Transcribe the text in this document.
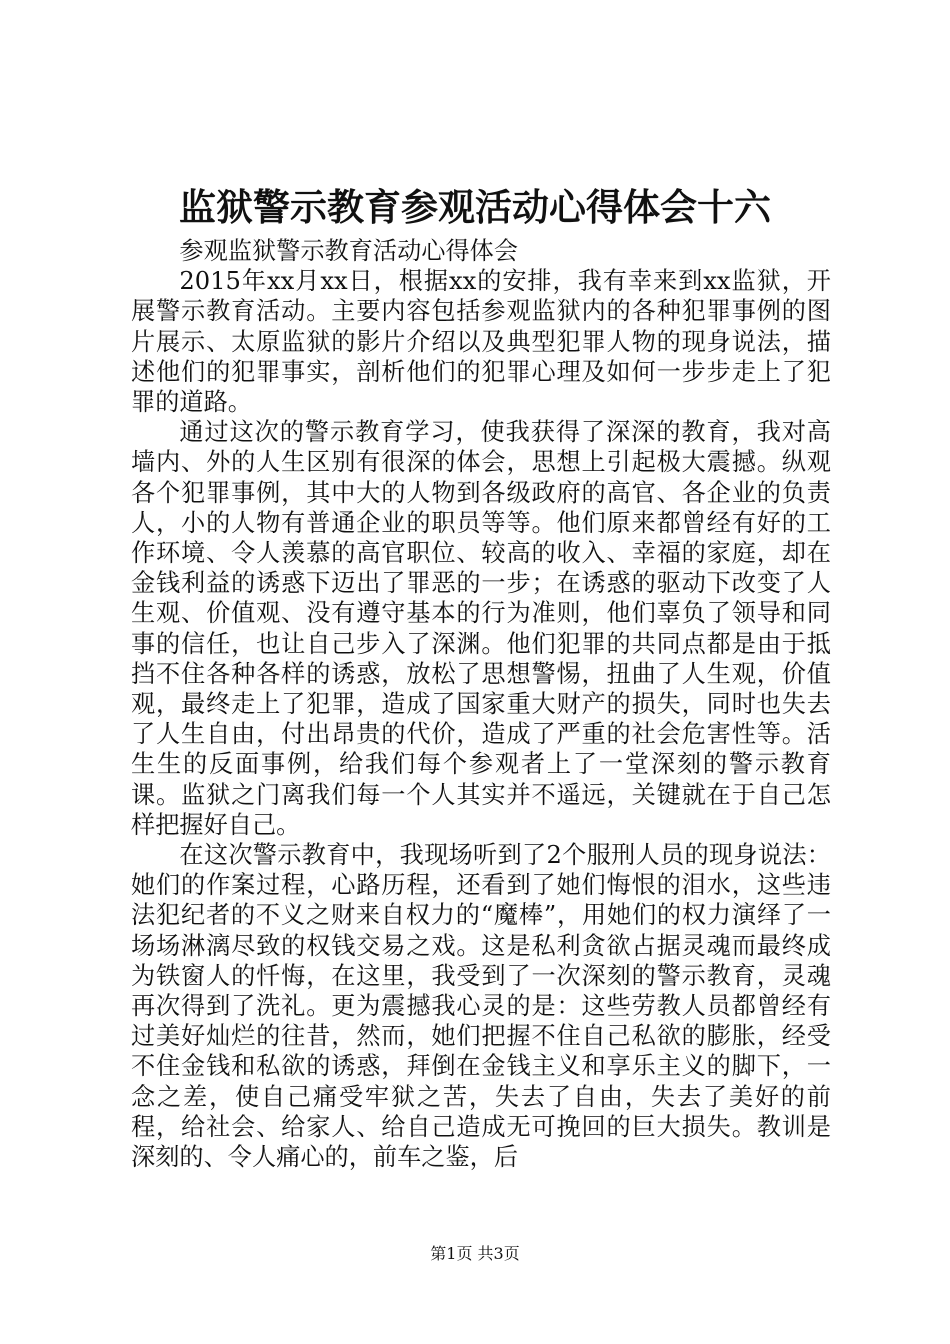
监狱警示教育参观活动心得体会十六

参观监狱警示教育活动心得体会

2015年xx月xx日，根据xx的安排，我有幸来到xx监狱，开展警示教育活动。主要内容包括参观监狱内的各种犯罪事例的图片展示、太原监狱的影片介绍以及典型犯罪人物的现身说法，描述他们的犯罪事实，剖析他们的犯罪心理及如何一步步走上了犯罪的道路。

通过这次的警示教育学习，使我获得了深深的教育，我对高墙内、外的人生区别有很深的体会，思想上引起极大震撼。纵观各个犯罪事例，其中大的人物到各级政府的高官、各企业的负责人，小的人物有普通企业的职员等等。他们原来都曾经有好的工作环境、令人羡慕的高官职位、较高的收入、幸福的家庭，却在金钱利益的诱惑下迈出了罪恶的一步；在诱惑的驱动下改变了人生观、价值观、没有遵守基本的行为准则，他们辜负了领导和同事的信任，也让自己步入了深渊。他们犯罪的共同点都是由于抵挡不住各种各样的诱惑，放松了思想警惕，扭曲了人生观，价值观，最终走上了犯罪，造成了国家重大财产的损失，同时也失去了人生自由，付出昂贵的代价，造成了严重的社会危害性等。活生生的反面事例，给我们每个参观者上了一堂深刻的警示教育课。监狱之门离我们每一个人其实并不遥远，关键就在于自己怎样把握好自己。

在这次警示教育中，我现场听到了2个服刑人员的现身说法：她们的作案过程，心路历程，还看到了她们悔恨的泪水，这些违法犯纪者的不义之财来自权力的“魔棒”，用她们的权力演绎了一场场淋漓尽致的权钱交易之戏。这是私利贪欲占据灵魂而最终成为铁窗人的忏悔，在这里，我受到了一次深刻的警示教育，灵魂再次得到了洗礼。更为震撼我心灵的是：这些劳教人员都曾经有过美好灿烂的往昔，然而，她们把握不住自己私欲的膨胀，经受不住金钱和私欲的诱惑，拜倒在金钱主义和享乐主义的脚下，一念之差，使自己痛受牢狱之苦，失去了自由，失去了美好的前程，给社会、给家人、给自己造成无可挽回的巨大损失。教训是深刻的、令人痛心的，前车之鉴，后

第1页 共3页
